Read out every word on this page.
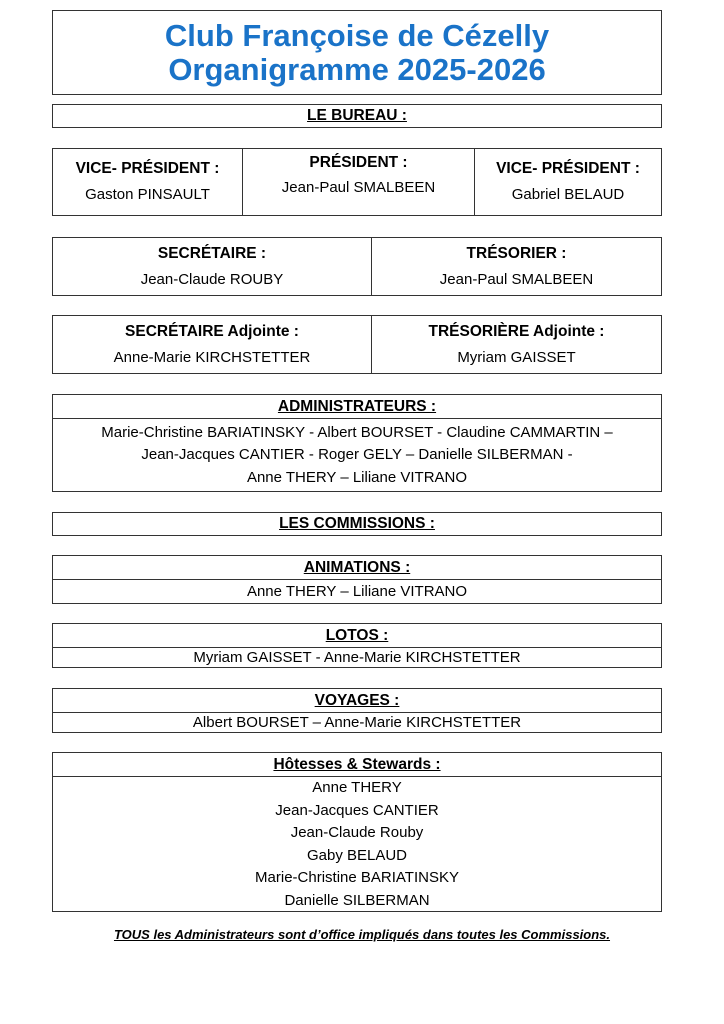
Club Françoise de Cézelly
Organigramme 2025-2026
LE BUREAU :
VICE- PRÉSIDENT :
Gaston PINSAULT
PRÉSIDENT :
Jean-Paul SMALBEEN
VICE- PRÉSIDENT :
Gabriel BELAUD
SECRÉTAIRE :
Jean-Claude ROUBY
TRÉSORIER :
Jean-Paul SMALBEEN
SECRÉTAIRE Adjointe :
Anne-Marie KIRCHSTETTER
TRÉSORIÈRE Adjointe :
Myriam GAISSET
ADMINISTRATEURS :
Marie-Christine BARIATINSKY - Albert BOURSET - Claudine CAMMARTIN –
Jean-Jacques CANTIER - Roger GELY – Danielle SILBERMAN -
Anne THERY – Liliane VITRANO
LES COMMISSIONS :
ANIMATIONS :
Anne THERY – Liliane VITRANO
LOTOS :
Myriam GAISSET - Anne-Marie KIRCHSTETTER
VOYAGES :
Albert BOURSET – Anne-Marie KIRCHSTETTER
Hôtesses & Stewards :
Anne THERY
Jean-Jacques CANTIER
Jean-Claude Rouby
Gaby BELAUD
Marie-Christine BARIATINSKY
Danielle SILBERMAN
TOUS les Administrateurs sont d’office impliqués dans toutes les Commissions.
